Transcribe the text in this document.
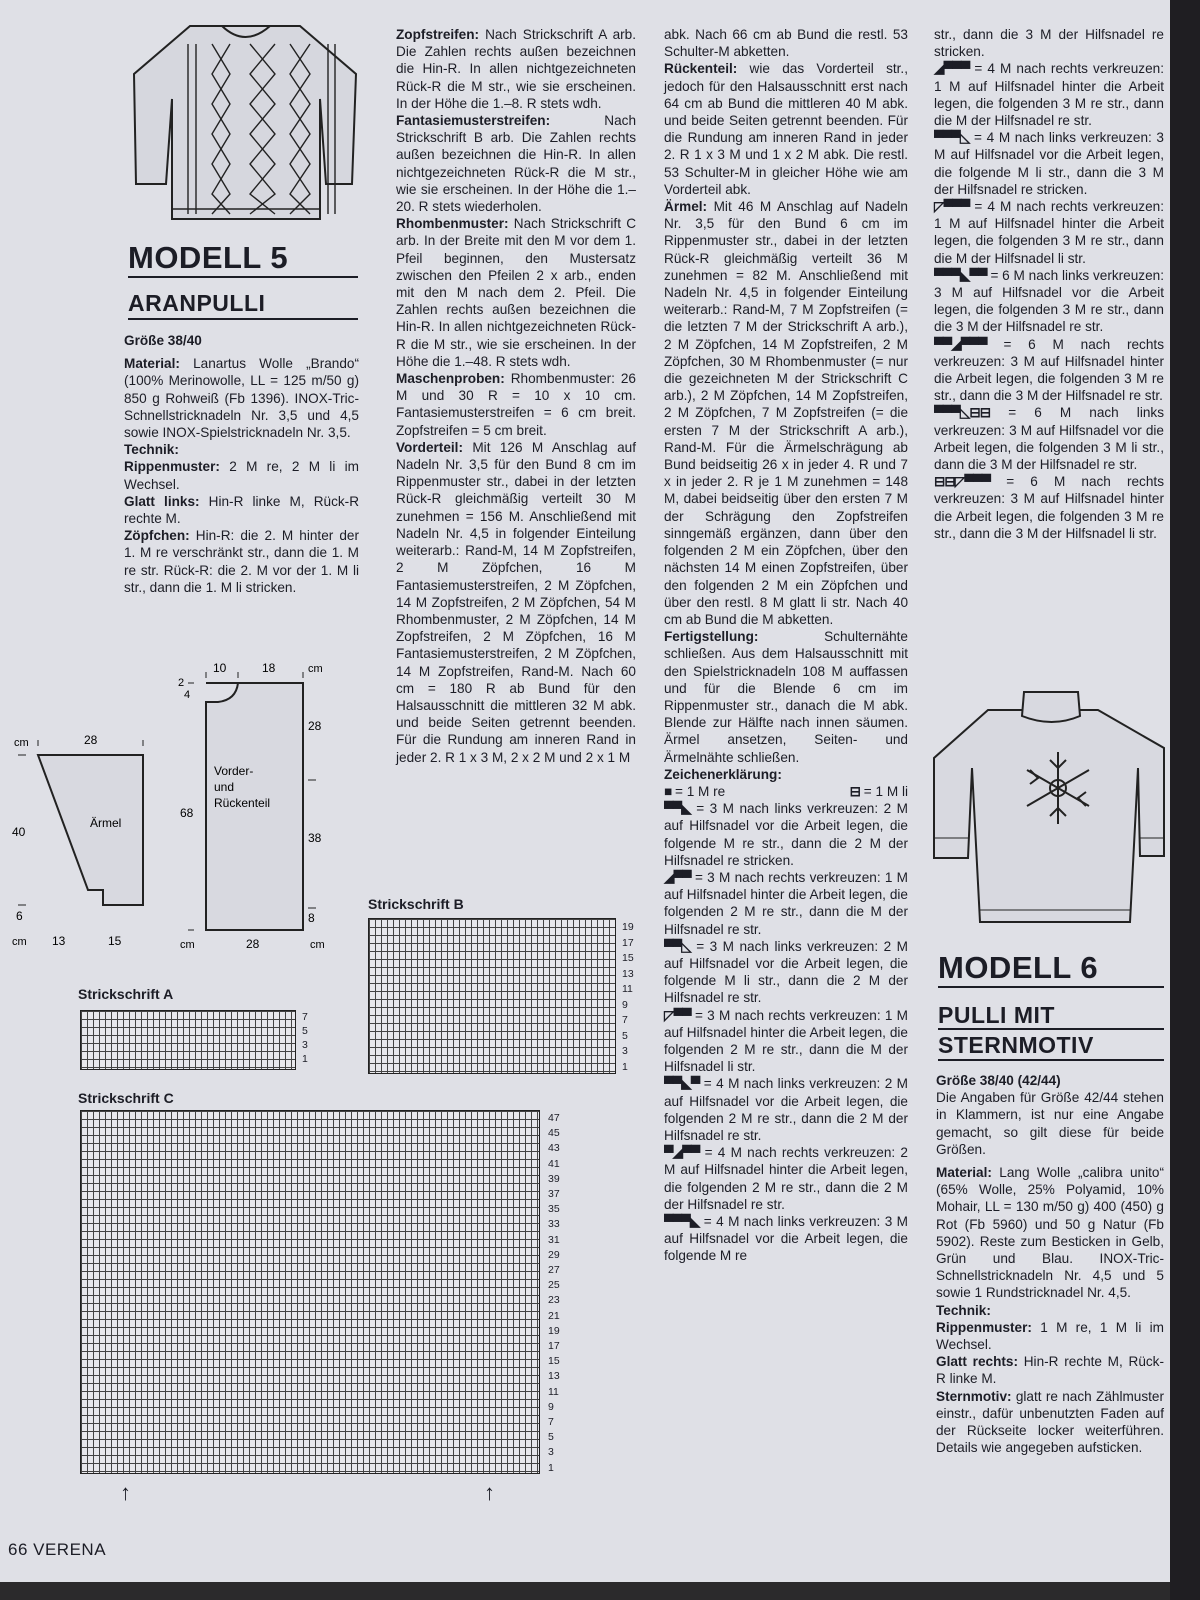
MODELL 5
ARANPULLI

Größe 38/40

Material: Lanartus Wolle „Brando“ (100% Merinowolle, LL = 125 m/50 g) 850 g Rohweiß (Fb 1396). INOX-Tric-Schnellstricknadeln Nr. 3,5 und 4,5 sowie INOX-Spielstricknadeln Nr. 3,5.

Technik:

Rippenmuster: 2 M re, 2 M li im Wechsel.

Glatt links: Hin-R linke M, Rück-R rechte M.

Zöpfchen: Hin-R: die 2. M hinter der 1. M re verschränkt str., dann die 1. M re str. Rück-R: die 2. M vor der 1. M li str., dann die 1. M li stricken.

Ärmel
Vorder-
und
Rückenteil
cm	28
40
6
cm 13	15
10	18	cm
2
4
28
68
38
8
cm	28	cm
Strickschrift A
7
5
3
1

Zopfstreifen: Nach Strickschrift A arb. Die Zahlen rechts außen bezeichnen die Hin-R. In allen nichtgezeichneten Rück-R die M str., wie sie erscheinen. In der Höhe die 1.–8. R stets wdh.

Fantasiemusterstreifen:	Nach Strickschrift B arb. Die Zahlen rechts außen bezeichnen die Hin-R. In allen nichtgezeichneten Rück-R die M str., wie sie erscheinen. In der Höhe die 1.–20. R stets wiederholen.

Rhombenmuster: Nach Strickschrift C arb. In der Breite mit den M vor dem 1. Pfeil beginnen, den Mustersatz zwischen den Pfeilen 2 x arb., enden mit den M nach dem 2. Pfeil. Die Zahlen rechts außen bezeichnen die Hin-R. In allen nichtgezeichneten Rück-R die M str., wie sie erscheinen. In der Höhe die 1.–48. R stets wdh.

Maschenproben: Rhombenmuster: 26 M und 30 R = 10 x 10 cm. Fantasiemusterstreifen = 6 cm breit. Zopfstreifen = 5 cm breit.

Vorderteil: Mit 126 M Anschlag auf Nadeln Nr. 3,5 für den Bund 8 cm im Rippenmuster str., dabei in der letzten Rück-R gleichmäßig verteilt 30 M zunehmen = 156 M. Anschließend mit Nadeln Nr. 4,5 in folgender Einteilung weiterarb.: Rand-M, 14 M Zopfstreifen, 2 M Zöpfchen, 16 M Fantasiemusterstreifen, 2 M Zöpfchen, 14 M Zopfstreifen, 2 M Zöpfchen, 54 M Rhombenmuster, 2 M Zöpfchen, 14 M Zopfstreifen, 2 M Zöpfchen, 16 M Fantasiemusterstreifen, 2 M Zöpfchen, 14 M Zopfstreifen, Rand-M. Nach 60 cm = 180 R ab Bund für den Halsausschnitt die mittleren 32 M abk. und beide Seiten getrennt beenden. Für die Rundung am inneren Rand in jeder 2. R 1 x 3 M, 2 x 2 M und 2 x 1 M

Strickschrift B
19
17
15
13
11
9
7
5
3
1
Strickschrift C
47
45
43
41
39
37
35
33
31
29
27
25
23
21
19
17
15
13
11
9
7
5
3
1
↑	↑

abk. Nach 66 cm ab Bund die restl. 53 Schulter-M abketten.

Rückenteil: wie das Vorderteil str., jedoch für den Halsausschnitt erst nach 64 cm ab Bund die mittleren 40 M abk. und beide Seiten getrennt beenden. Für die Rundung am inneren Rand in jeder 2. R 1 x 3 M und 1 x 2 M abk. Die restl. 53 Schulter-M in gleicher Höhe wie am Vorderteil abk.

Ärmel: Mit 46 M Anschlag auf Nadeln Nr. 3,5 für den Bund 6 cm im Rippenmuster str., dabei in der letzten Rück-R gleichmäßig verteilt 36 M zunehmen = 82 M. Anschließend mit Nadeln Nr. 4,5 in folgender Einteilung weiterarb.: Rand-M, 7 M Zopfstreifen (= die letzten 7 M der Strickschrift A arb.), 2 M Zöpfchen, 14 M Zopfstreifen, 2 M Zöpfchen, 30 M Rhombenmuster (= nur die gezeichneten M der Strickschrift C arb.), 2 M Zöpfchen, 14 M Zopfstreifen, 2 M Zöpfchen, 7 M Zopfstreifen (= die ersten 7 M der Strickschrift A arb.), Rand-M. Für die Ärmelschrägung ab Bund beidseitig 26 x in jeder 4. R und 7 x in jeder 2. R je 1 M zunehmen = 148 M, dabei beidseitig über den ersten 7 M der Schrägung den Zopfstreifen sinngemäß ergänzen, dann über den folgenden 2 M ein Zöpfchen, über den nächsten 14 M einen Zopfstreifen, über den folgenden 2 M ein Zöpfchen und über den restl. 8 M glatt li str. Nach 40 cm ab Bund die M abketten.

Fertigstellung:	Schulternähte schließen. Aus dem Halsausschnitt mit den Spielstricknadeln 108 M auffassen und für die Blende 6 cm im Rippenmuster str., danach die M abk. Blende zur Hälfte nach innen säumen. Ärmel ansetzen, Seiten- und Ärmelnähte schließen.

Zeichenerklärung:

■ = 1 M re	⊟ = 1 M li

▀▀◣ = 3 M nach links verkreuzen: 2 M auf Hilfsnadel vor die Arbeit legen, die folgende M re str., dann die 2 M der Hilfsnadel re stricken.

◢▀▀ = 3 M nach rechts verkreuzen: 1 M auf Hilfsnadel hinter die Arbeit legen, die folgenden 2 M re str., dann die M der Hilfsnadel re str.

▀▀◺ = 3 M nach links verkreuzen: 2 M auf Hilfsnadel vor die Arbeit legen, die folgende M li str., dann die 2 M der Hilfsnadel re str.

◸▀▀ = 3 M nach rechts verkreuzen: 1 M auf Hilfsnadel hinter die Arbeit legen, die folgenden 2 M re str., dann die M der Hilfsnadel li str.

▀▀◣▀ = 4 M nach links verkreuzen: 2 M auf Hilfsnadel vor die Arbeit legen, die folgenden 2 M re str., dann die 2 M der Hilfsnadel re str.

▀◢▀▀ = 4 M nach rechts verkreuzen: 2 M auf Hilfsnadel hinter die Arbeit legen, die folgenden 2 M re str., dann die 2 M der Hilfsnadel re str.

▀▀▀◣ = 4 M nach links verkreuzen: 3 M auf Hilfsnadel vor die Arbeit legen, die folgende M re

str., dann die 3 M der Hilfsnadel re stricken.

◢▀▀▀ = 4 M nach rechts verkreuzen: 1 M auf Hilfsnadel hinter die Arbeit legen, die folgenden 3 M re str., dann die M der Hilfsnadel re str.

▀▀▀◺ = 4 M nach links verkreuzen: 3 M auf Hilfsnadel vor die Arbeit legen, die folgende M li str., dann die 3 M der Hilfsnadel re stricken.

◸▀▀▀ = 4 M nach rechts verkreuzen: 1 M auf Hilfsnadel hinter die Arbeit legen, die folgenden 3 M re str., dann die M der Hilfsnadel li str.

▀▀▀◣▀▀ = 6 M nach links verkreuzen: 3 M auf Hilfsnadel vor die Arbeit legen, die folgenden 3 M re str., dann die 3 M der Hilfsnadel re str.

▀▀◢▀▀▀ = 6 M nach rechts verkreuzen: 3 M auf Hilfsnadel hinter die Arbeit legen, die folgenden 3 M re str., dann die 3 M der Hilfsnadel re str.

▀▀▀◺⊟⊟ = 6 M nach links verkreuzen: 3 M auf Hilfsnadel vor die Arbeit legen, die folgenden 3 M li str., dann die 3 M der Hilfsnadel re str.

⊟⊟◸▀▀▀ = 6 M nach rechts verkreuzen: 3 M auf Hilfsnadel hinter die Arbeit legen, die folgenden 3 M re str., dann die 3 M der Hilfsnadel li str.

MODELL 6
PULLI MIT
STERNMOTIV

Größe 38/40 (42/44)

Die Angaben für Größe 42/44 stehen in Klammern, ist nur eine Angabe gemacht, so gilt diese für beide Größen.

Material: Lang Wolle „calibra unito“ (65% Wolle, 25% Polyamid, 10% Mohair, LL = 130 m/50 g) 400 (450) g Rot (Fb 5960) und 50 g Natur (Fb 5902). Reste zum Besticken in Gelb, Grün und Blau. INOX-Tric-Schnellstricknadeln Nr. 4,5 und 5 sowie 1 Rundstricknadel Nr. 4,5.

Technik:

Rippenmuster: 1 M re, 1 M li im Wechsel.

Glatt rechts: Hin-R rechte M, Rück-R linke M.

Sternmotiv: glatt re nach Zählmuster einstr., dafür unbenutzten Faden auf der Rückseite locker weiterführen. Details wie angegeben aufsticken.

66 VERENA
